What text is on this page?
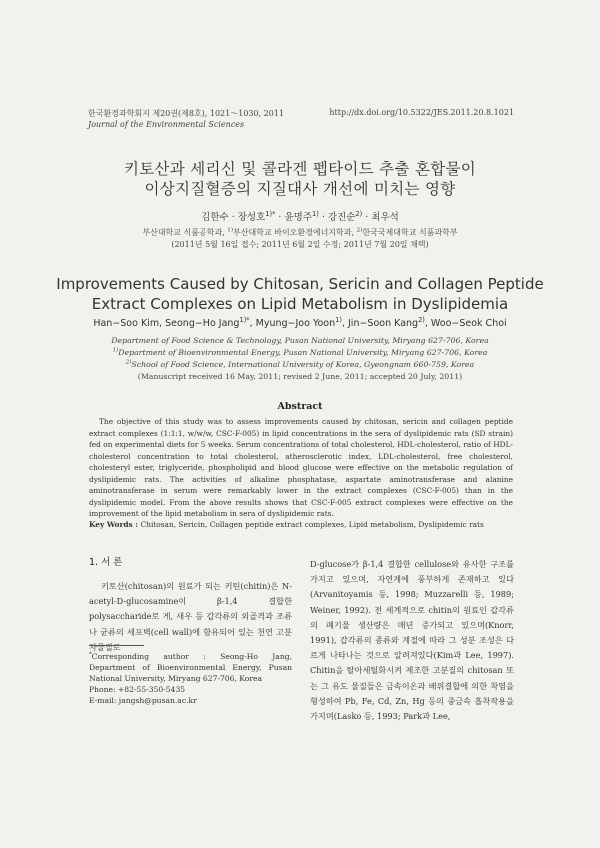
한국환경과학회지 제20권(제8호), 1021～1030, 2011
Journal of the Environmental Sciences
http://dx.doi.org/10.5322/JES.2011.20.8.1021
키토산과 세리신 및 콜라겐 펩타이드 추출 혼합물이
이상지질혈증의 지질대사 개선에 미치는 영향
김한수 · 장성호$^{1)*}$ · 윤명주$^{1)}$ · 강진순$^{2)}$ · 최우석
부산대학교 식품공학과, $^{1)}$부산대학교 바이오환경에너지학과, $^{2)}$한국국제대학교 식품과학부
(2011년 5월 16일 접수; 2011년 6월 2일 수정; 2011년 7월 20일 채택)
Improvements Caused by Chitosan, Sericin and Collagen Peptide
Extract Complexes on Lipid Metabolism in Dyslipidemia
Han−Soo Kim, Seong−Ho Jang$^{1)*}$, Myung−Joo Yoon$^{1)}$, Jin−Soon Kang$^{2)}$, Woo−Seok Choi
Department of Food Science & Technology, Pusan National University, Miryang 627-706, Korea
$^{1)}$Department of Bioenvironmental Energy, Pusan National University, Miryang 627-706, Korea
$^{2)}$School of Food Science, International University of Korea, Gyeongnam 660-759, Korea
(Manuscript received 16 May, 2011; revised 2 June, 2011; accepted 20 July, 2011)
Abstract
The objective of this study was to assess improvements caused by chitosan, sericin and collagen peptide extract complexes (1:1:1, w/w/w, CSC-F-005) in lipid concentrations in the sera of dyslipidemic rats (SD strain) fed on experimental diets for 5 weeks. Serum concentrations of total cholesterol, HDL-cholesterol, ratio of HDL-cholesterol concentration to total cholesterol, atherosclerotic index, LDL-cholesterol, free cholesterol, cholesteryl ester, triglyceride, phospholipid and blood glucose were effective on the metabolic regulation of dyslipidemic rats. The activities of alkaline phosphatase, aspartate aminotransferase and alanine aminotransferase in serum were remarkably lower in the extract complexes (CSC-F-005) than in the dyslipidemic model. From the above results shows that CSC-F-005 extract complexes were effective on the improvement of the lipid metabolism in sera of dyslipidemic rats.
Key Words : Chitosan, Sericin, Collagen peptide extract complexes, Lipid metabolism, Dyslipidemic rats
1. 서 론
키토산(chitosan)의 원료가 되는 키틴(chitin)은 N-acetyl-D-glucosamine이 β-1,4 결합한 polysaccharide로 게, 새우 등 갑각류의 외골격과 조류나 균류의 세포벽(cell wall)에 함유되어 있는 천연 고분자물질로
*Corresponding author : Seong-Ho Jang, Department of Bioenvironmental Energy, Pusan National University, Miryang 627-706, Korea
Phone: +82-55-350-5435
E-mail: jangsh@pusan.ac.kr
D-glucose가 β-1,4 결합한 cellulose와 유사한 구조를 가지고 있으며, 자연계에 풍부하게 존재하고 있다(Arvanitoyamis 등, 1998; Muzzarelli 등, 1989; Weiner, 1992). 전 세계적으로 chitin의 원료인 갑각류의 폐기물 생산량은 매년 증가되고 있으며(Knorr, 1991), 갑각류의 종류와 계절에 따라 그 성분 조성은 다르게 나타나는 것으로 알려져있다(Kim과 Lee, 1997). Chitin을 탈아세틸화시켜 제조한 고분질의 chitosan 또는 그 유도 물질들은 금속이온과 배위결합에 의한 착염을 형성하여 Pb, Fe, Cd, Zn, Hg 등의 중금속 흡착작용을 가지며(Lasko 등, 1993; Park과 Lee,
